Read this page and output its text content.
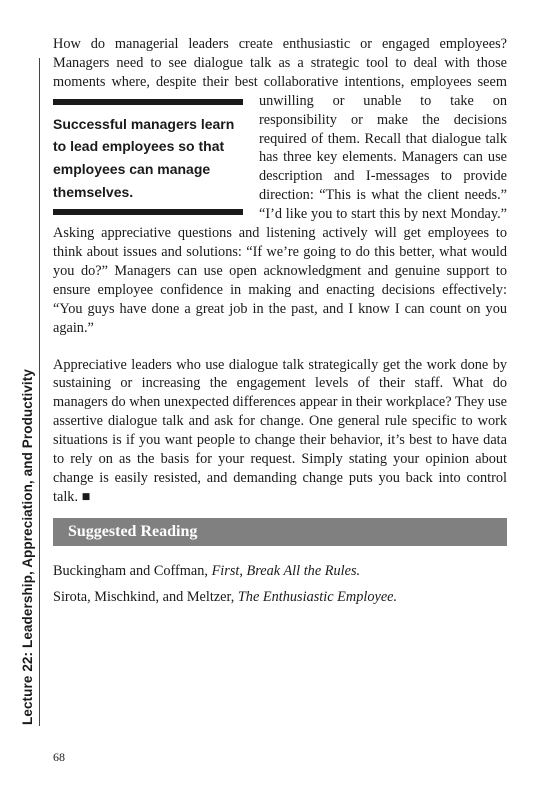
Lecture 22: Leadership, Appreciation, and Productivity

How do managerial leaders create enthusiastic or engaged employees? Managers need to see dialogue talk as a strategic tool to deal with those moments where, despite their best collaborative intentions, employees
Successful managers learn to lead employees so that employees can manage themselves.
seem unwilling or unable to take on responsibility or make the decisions required of them. Recall that dialogue talk has three key elements. Managers can use description and I-messages to provide direction: “This is what the client needs.” “I’d like you to start this by next Monday.” Asking appreciative questions and listening actively will get employees to think about issues and solutions: “If we’re going to do this better, what would you do?” Managers can use open acknowledgment and genuine support to ensure employee confidence in making and enacting decisions effectively: “You guys have done a great job in the past, and I know I can count on you again.”

Appreciative leaders who use dialogue talk strategically get the work done by sustaining or increasing the engagement levels of their staff. What do managers do when unexpected differences appear in their workplace? They use assertive dialogue talk and ask for change. One general rule specific to work situations is if you want people to change their behavior, it’s best to have data to rely on as the basis for your request. Simply stating your opinion about change is easily resisted, and demanding change puts you back into control talk. ■

Suggested Reading
Buckingham and Coffman, First, Break All the Rules.
Sirota, Mischkind, and Meltzer, The Enthusiastic Employee.
68
